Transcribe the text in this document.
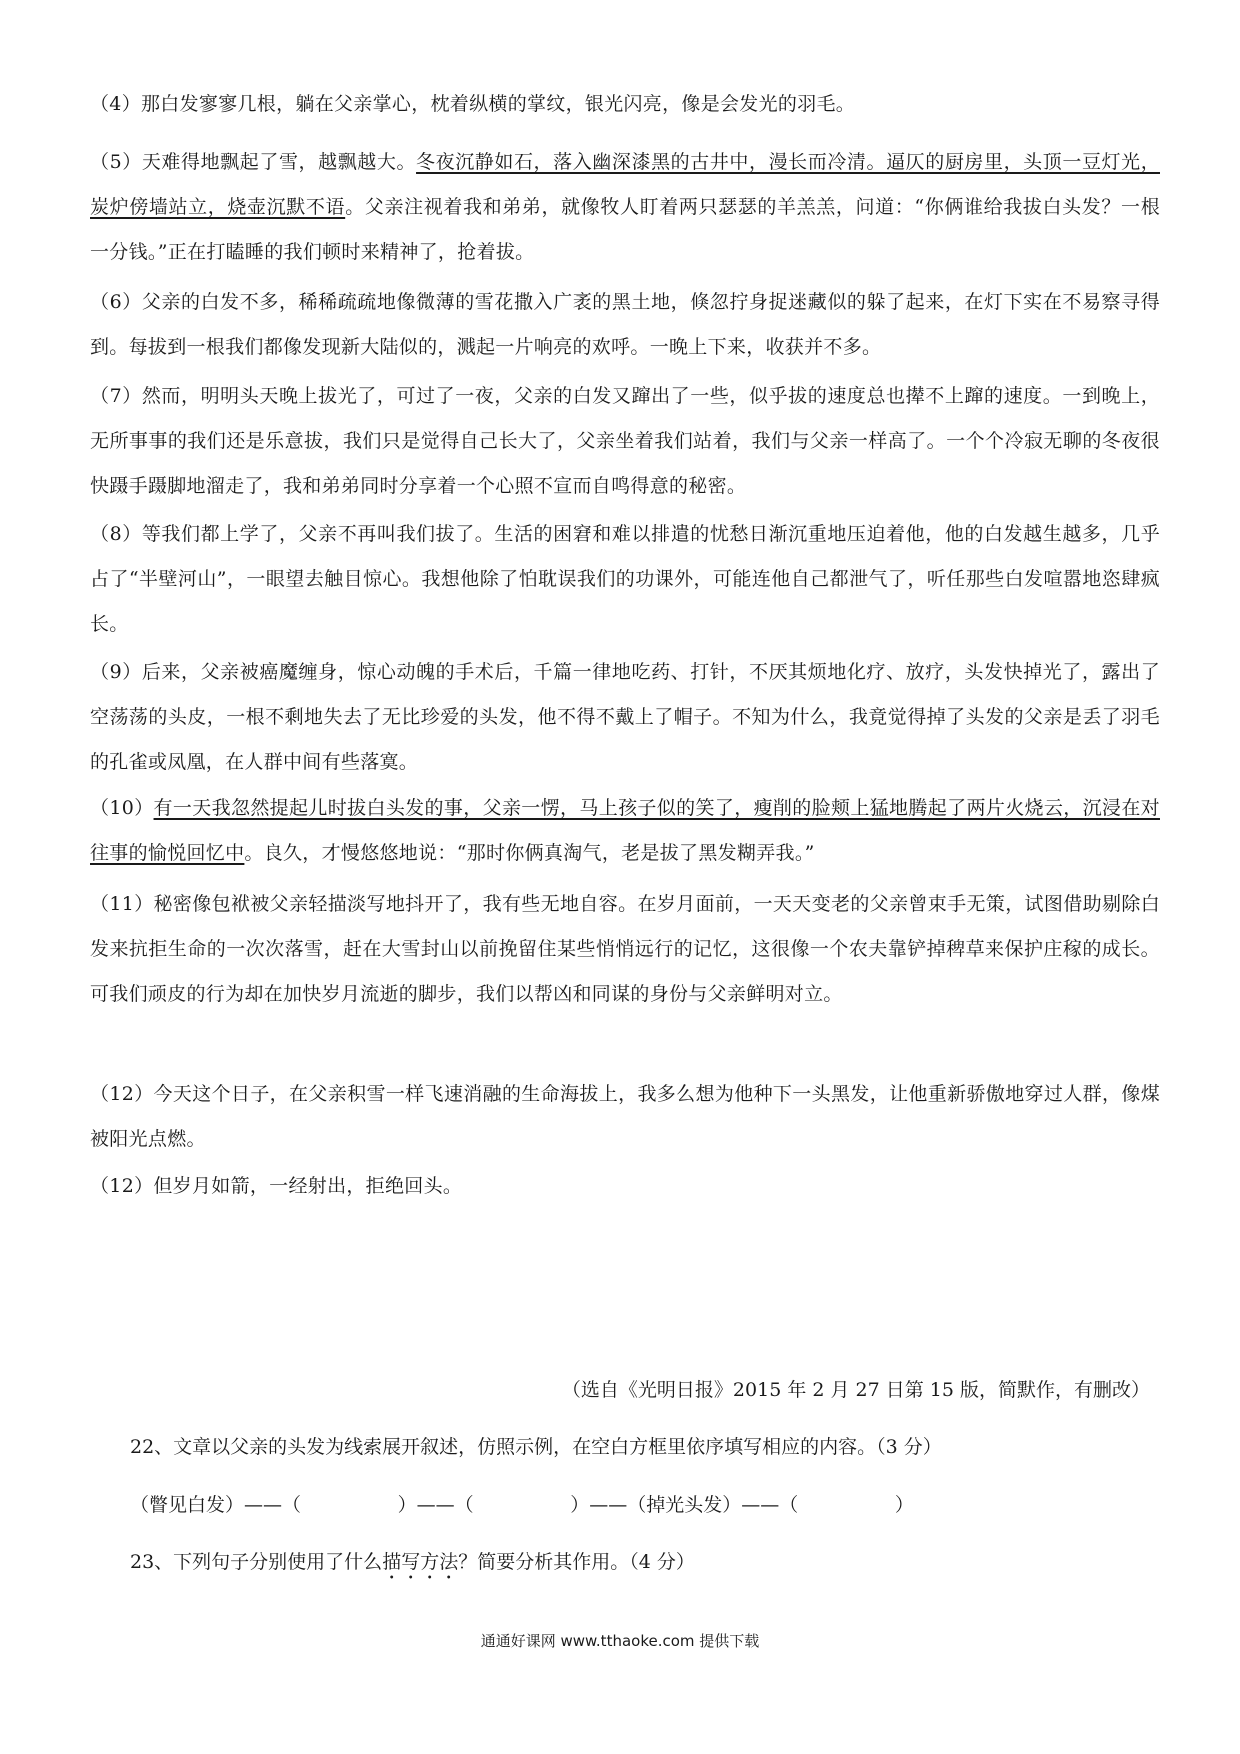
（4）那白发寥寥几根，躺在父亲掌心，枕着纵横的掌纹，银光闪亮，像是会发光的羽毛。

（5）天难得地飘起了雪，越飘越大。冬夜沉静如石，落入幽深漆黑的古井中，漫长而冷清。逼仄的厨房里，头顶一豆灯光，炭炉傍墙站立，烧壶沉默不语。父亲注视着我和弟弟，就像牧人盯着两只瑟瑟的羊羔羔，问道：“你俩谁给我拔白头发？一根一分钱。”正在打瞌睡的我们顿时来精神了，抢着拔。

（6）父亲的白发不多，稀稀疏疏地像微薄的雪花撒入广袤的黑土地，倏忽拧身捉迷藏似的躲了起来，在灯下实在不易察寻得到。每拔到一根我们都像发现新大陆似的，溅起一片响亮的欢呼。一晚上下来，收获并不多。

（7）然而，明明头天晚上拔光了，可过了一夜，父亲的白发又蹿出了一些，似乎拔的速度总也撵不上蹿的速度。一到晚上，无所事事的我们还是乐意拔，我们只是觉得自己长大了，父亲坐着我们站着，我们与父亲一样高了。一个个冷寂无聊的冬夜很快蹑手蹑脚地溜走了，我和弟弟同时分享着一个心照不宣而自鸣得意的秘密。

（8）等我们都上学了，父亲不再叫我们拔了。生活的困窘和难以排遣的忧愁日渐沉重地压迫着他，他的白发越生越多，几乎占了“半壁河山”，一眼望去触目惊心。我想他除了怕耽误我们的功课外，可能连他自己都泄气了，听任那些白发喧嚣地恣肆疯长。

（9）后来，父亲被癌魔缠身，惊心动魄的手术后，千篇一律地吃药、打针，不厌其烦地化疗、放疗，头发快掉光了，露出了空荡荡的头皮，一根不剩地失去了无比珍爱的头发，他不得不戴上了帽子。不知为什么，我竟觉得掉了头发的父亲是丢了羽毛的孔雀或凤凰，在人群中间有些落寞。

（10）有一天我忽然提起儿时拔白头发的事，父亲一愣，马上孩子似的笑了，瘦削的脸颊上猛地腾起了两片火烧云，沉浸在对往事的愉悦回忆中。良久，才慢悠悠地说：“那时你俩真淘气，老是拔了黑发糊弄我。”

（11）秘密像包袱被父亲轻描淡写地抖开了，我有些无地自容。在岁月面前，一天天变老的父亲曾束手无策，试图借助剔除白发来抗拒生命的一次次落雪，赶在大雪封山以前挽留住某些悄悄远行的记忆，这很像一个农夫靠铲掉稗草来保护庄稼的成长。可我们顽皮的行为却在加快岁月流逝的脚步，我们以帮凶和同谋的身份与父亲鲜明对立。

（12）今天这个日子，在父亲积雪一样飞速消融的生命海拔上，我多么想为他种下一头黑发，让他重新骄傲地穿过人群，像煤被阳光点燃。

（12）但岁月如箭，一经射出，拒绝回头。

（选自《光明日报》2015 年 2 月 27 日第 15 版，简默作，有删改）

22、文章以父亲的头发为线索展开叙述，仿照示例，在空白方框里依序填写相应的内容。（3 分）

（瞥见白发）——（                ）——（                ）——（掉光头发）——（                ）

23、下列句子分别使用了什么描写方法？简要分析其作用。（4 分）

通通好课网 www.tthaoke.com 提供下载
